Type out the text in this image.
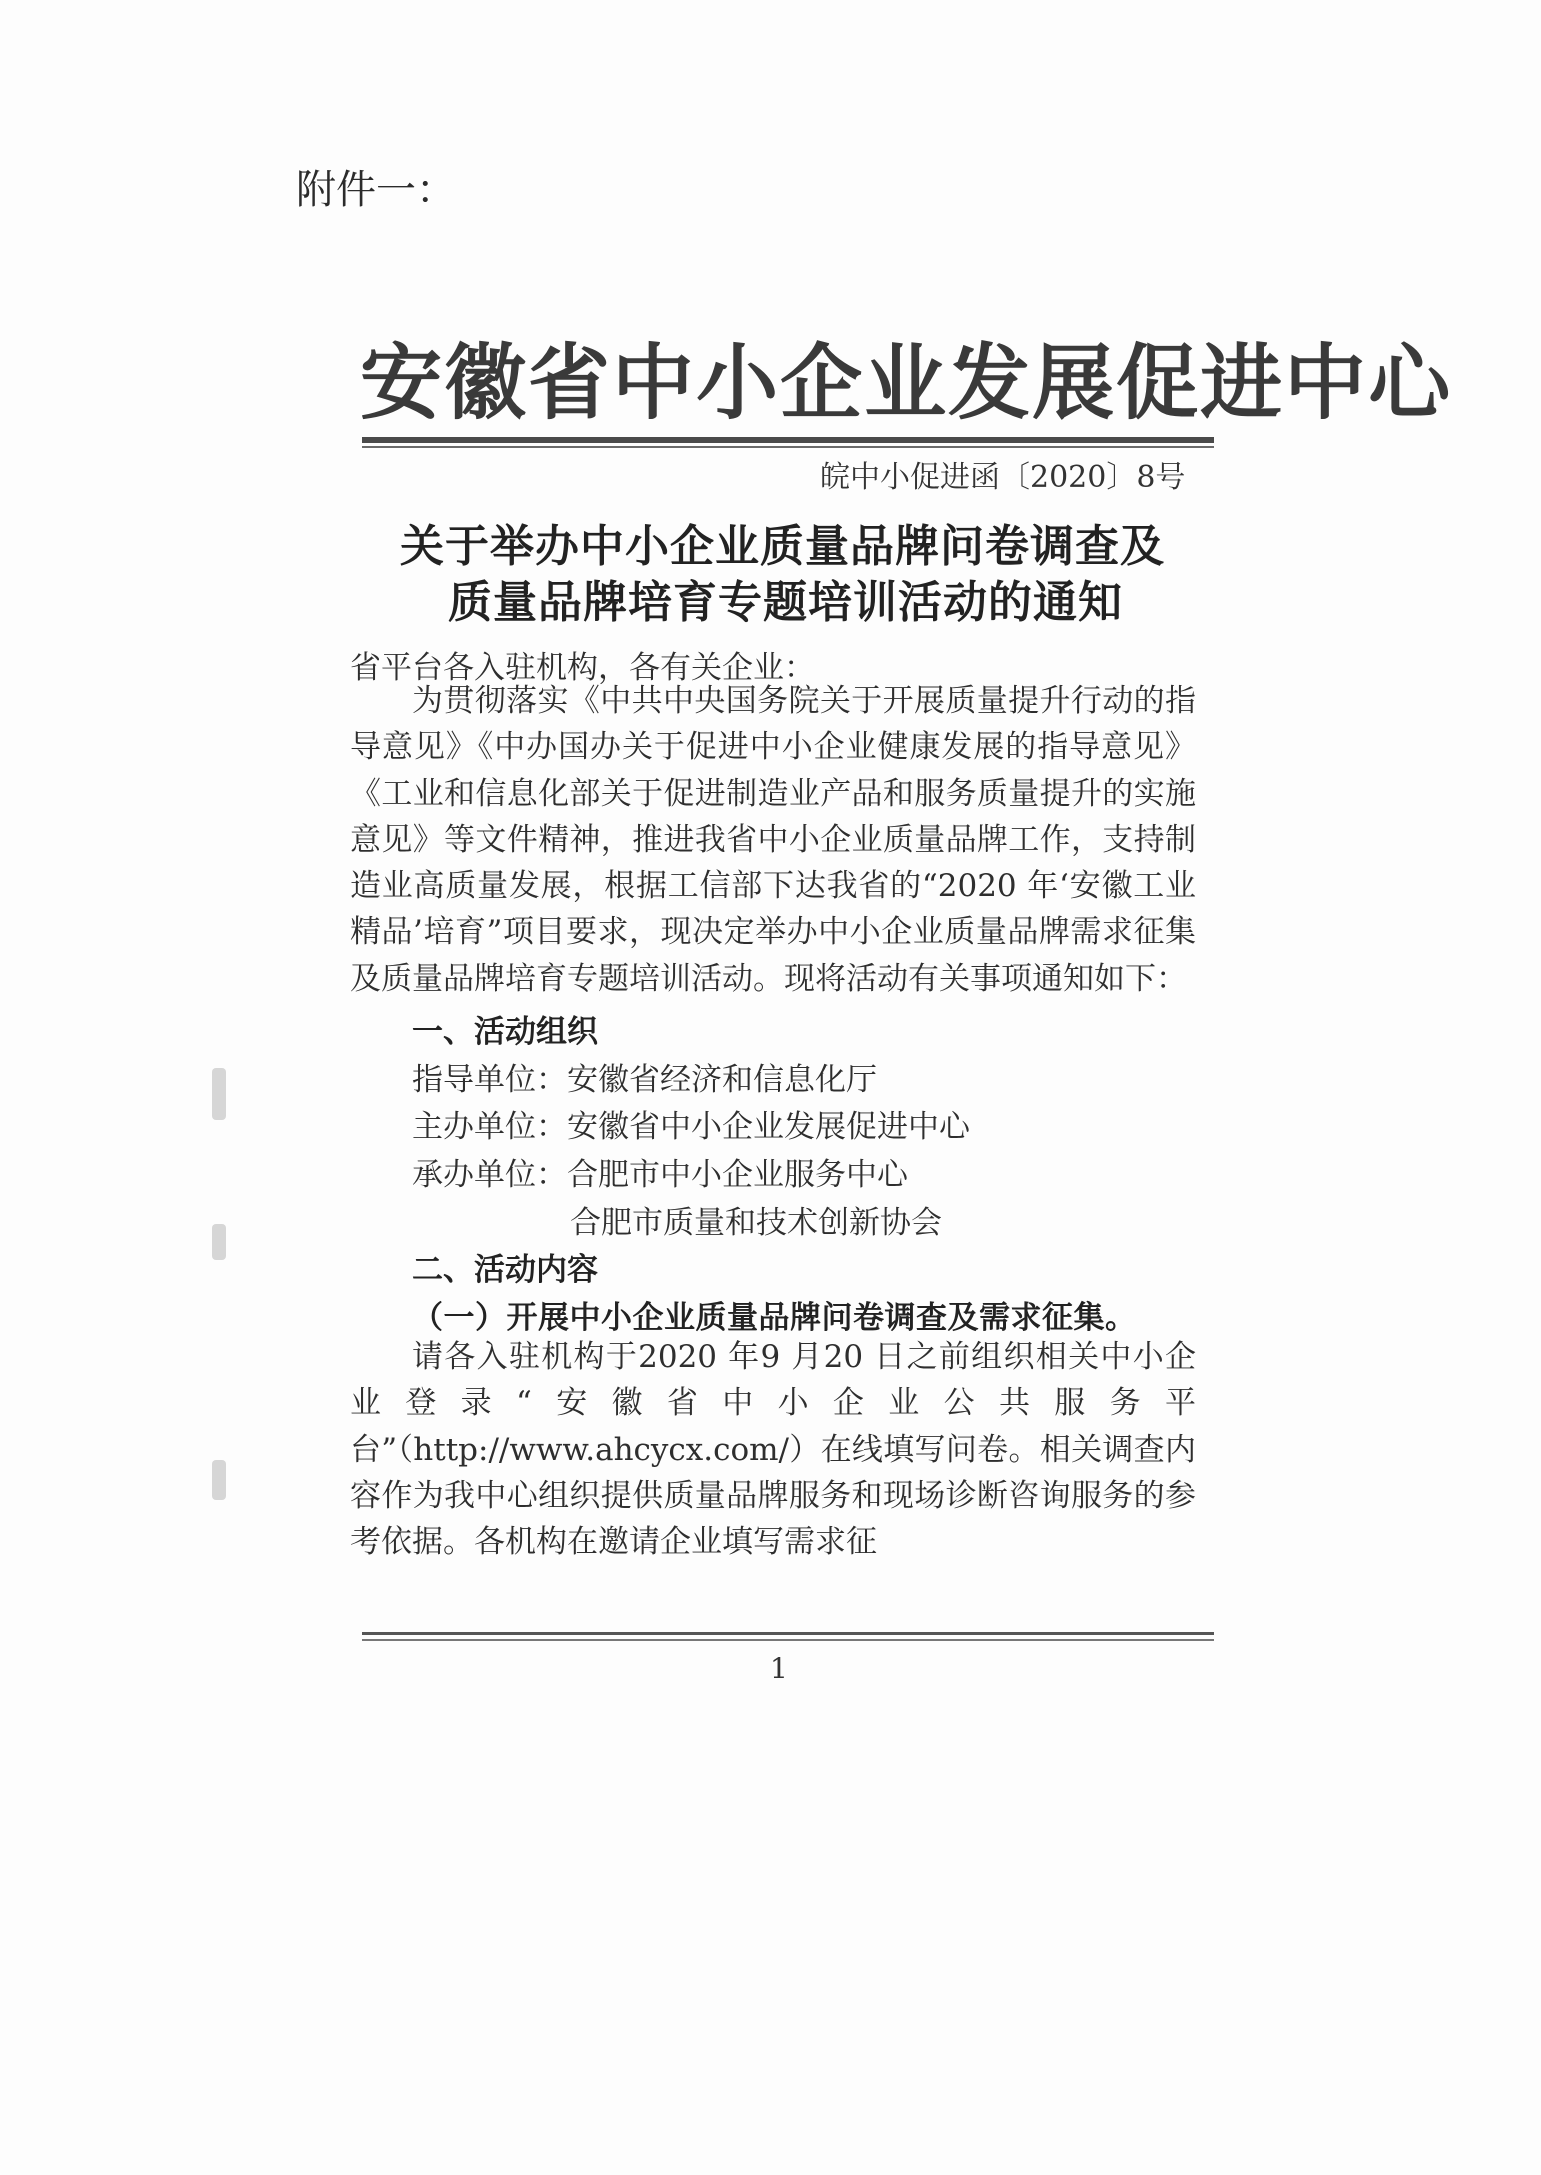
附件一：
安 徽 省 中 小 企 业 发 展 促 进 中 心
皖中小促进函〔2020〕8号
关于举办中小企业质量品牌问卷调查及
质量品牌培育专题培训活动的通知
省平台各入驻机构，各有关企业：
为贯彻落实《中共中央国务院关于开展质量提升行动的指导意见》《中办国办关于促进中小企业健康发展的指导意见》《工业和信息化部关于促进制造业产品和服务质量提升的实施意见》等文件精神，推进我省中小企业质量品牌工作，支持制造业高质量发展，根据工信部下达我省的“2020 年‘安徽工业精品’培育”项目要求，现决定举办中小企业质量品牌需求征集及质量品牌培育专题培训活动。现将活动有关事项通知如下：
一、活动组织
指导单位：安徽省经济和信息化厅
主办单位：安徽省中小企业发展促进中心
承办单位：合肥市中小企业服务中心
合肥市质量和技术创新协会
二、活动内容
（一）开展中小企业质量品牌问卷调查及需求征集。
请各入驻机构于2020 年9 月20 日之前组织相关中小企业登录“安徽省中小企业公共服务平台”（http://www.ahcycx.com/）在线填写问卷。相关调查内容作为我中心组织提供质量品牌服务和现场诊断咨询服务的参考依据。各机构在邀请企业填写需求征
1
